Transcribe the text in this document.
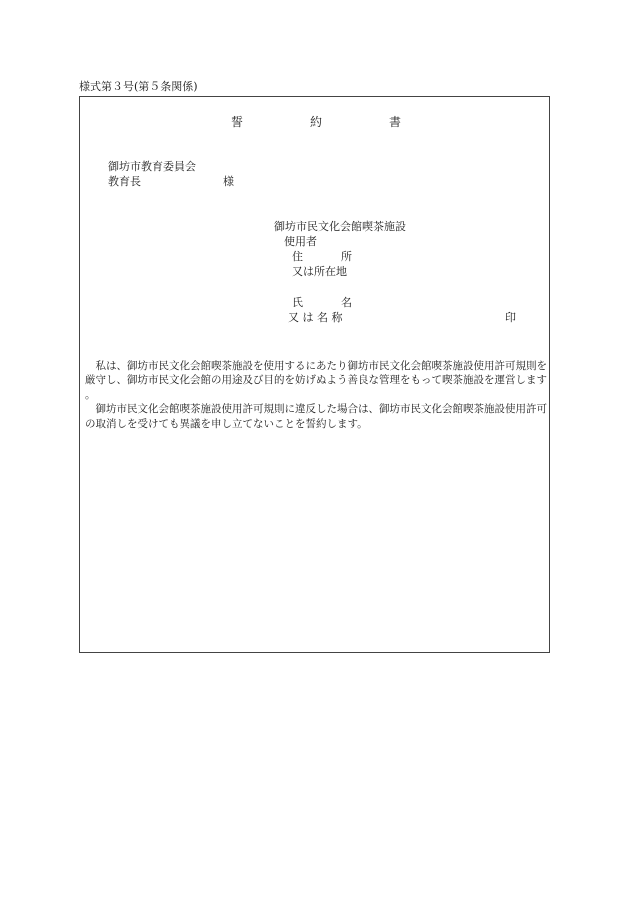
様式第３号(第５条関係)
誓	約	書
御坊市教育委員会
教育長	様
御坊市民文化会館喫茶施設
使用者
住	所
又は所在地
氏	名
又 は 名 称	印

私は、御坊市民文化会館喫茶施設を使用するにあたり御坊市民文化会館喫茶施設使用許可規則を厳守し、御坊市民文化会館の用途及び目的を妨げぬよう善良な管理をもって喫茶施設を運営します。

御坊市民文化会館喫茶施設使用許可規則に違反した場合は、御坊市民文化会館喫茶施設使用許可の取消しを受けても異議を申し立てないことを誓約します。
